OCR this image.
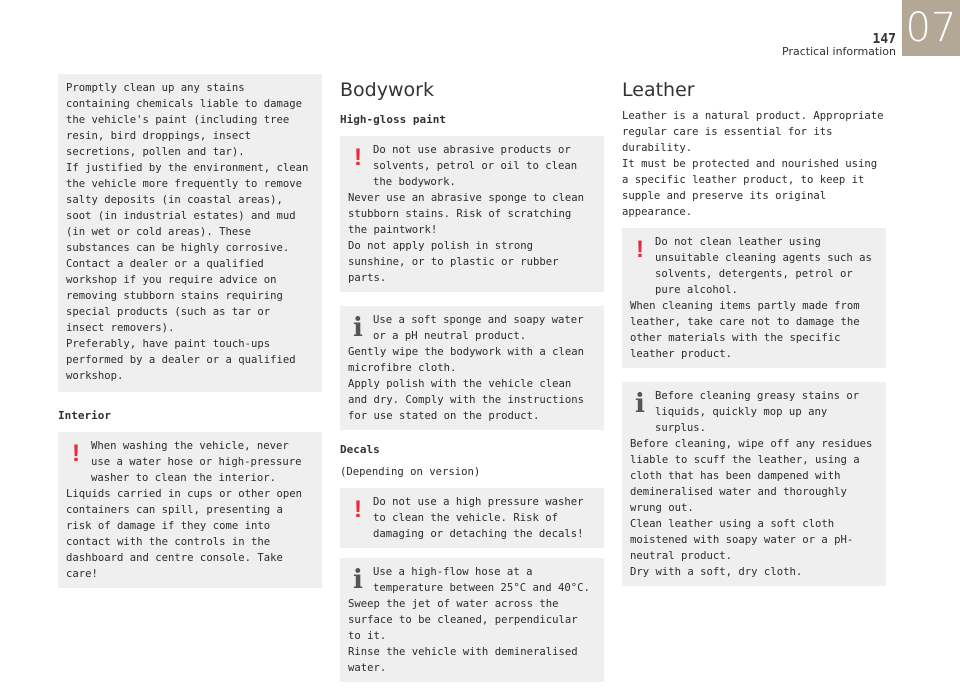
147
Practical information
07

Promptly clean up any stains containing chemicals liable to damage the vehicle's paint (including tree resin, bird droppings, insect secretions, pollen and tar).

If justified by the environment, clean the vehicle more frequently to remove salty deposits (in coastal areas), soot (in industrial estates) and mud (in wet or cold areas). These substances can be highly corrosive.

Contact a dealer or a qualified workshop if you require advice on removing stubborn stains requiring special products (such as tar or insect removers).

Preferably, have paint touch-ups performed by a dealer or a qualified workshop.

Interior

!	When washing the vehicle, never use a water hose or high-pressure washer to clean the interior.

Liquids carried in cups or other open containers can spill, presenting a risk of damage if they come into contact with the controls in the dashboard and centre console. Take care!

Bodywork
High-gloss paint

!	Do not use abrasive products or solvents, petrol or oil to clean the bodywork.

Never use an abrasive sponge to clean stubborn stains. Risk of scratching the paintwork!

Do not apply polish in strong sunshine, or to plastic or rubber parts.

i Use a soft sponge and soapy water or a pH neutral product.

Gently wipe the bodywork with a clean microfibre cloth.

Apply polish with the vehicle clean and dry. Comply with the instructions for use stated on the product.

Decals

(Depending on version)

!	Do not use a high pressure washer to clean the vehicle. Risk of damaging or detaching the decals!

i Use a high-flow hose at a temperature between 25°C and 40°C.

Sweep the jet of water across the surface to be cleaned, perpendicular to it.

Rinse the vehicle with demineralised water.

Leather

Leather is a natural product. Appropriate regular care is essential for its durability.
It must be protected and nourished using a specific leather product, to keep it supple and preserve its original appearance.

!	Do not clean leather using unsuitable cleaning agents such as solvents, detergents, petrol or pure alcohol.

When cleaning items partly made from leather, take care not to damage the other materials with the specific leather product.

i Before cleaning greasy stains or liquids, quickly mop up any surplus.

Before cleaning, wipe off any residues liable to scuff the leather, using a cloth that has been dampened with demineralised water and thoroughly wrung out.

Clean leather using a soft cloth moistened with soapy water or a pH-neutral product.

Dry with a soft, dry cloth.
